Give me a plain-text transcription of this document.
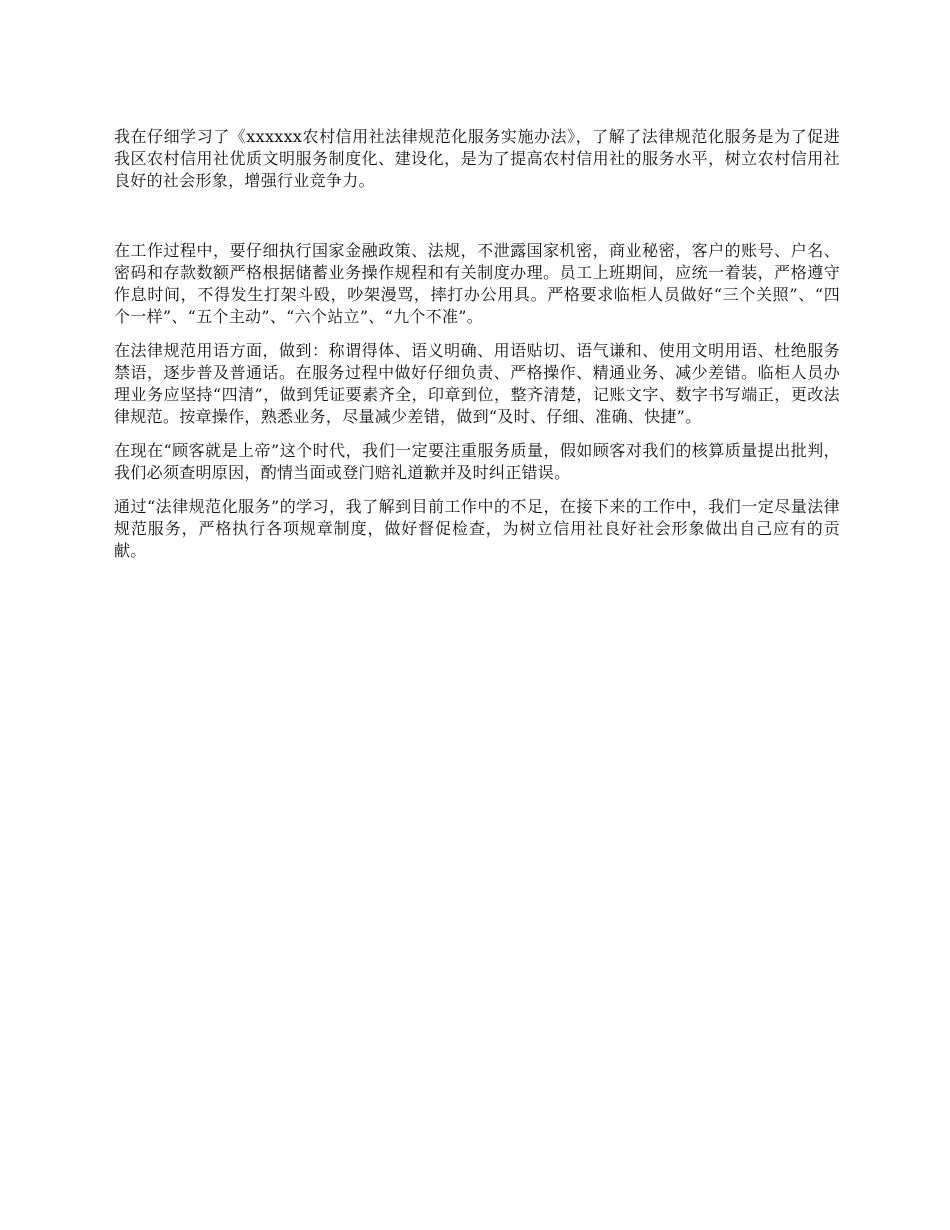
我在仔细学习了《xxxxxx农村信用社法律规范化服务实施办法》，了解了法律规范化服务是为了促进我区农村信用社优质文明服务制度化、建设化，是为了提高农村信用社的服务水平，树立农村信用社良好的社会形象，增强行业竞争力。

在工作过程中，要仔细执行国家金融政策、法规，不泄露国家机密，商业秘密，客户的账号、户名、密码和存款数额严格根据储蓄业务操作规程和有关制度办理。员工上班期间，应统一着装，严格遵守作息时间，不得发生打架斗殴，吵架漫骂，摔打办公用具。严格要求临柜人员做好“三个关照”、“四个一样”、“五个主动”、“六个站立”、“九个不准”。

在法律规范用语方面，做到：称谓得体、语义明确、用语贴切、语气谦和、使用文明用语、杜绝服务禁语，逐步普及普通话。在服务过程中做好仔细负责、严格操作、精通业务、减少差错。临柜人员办理业务应坚持“四清”，做到凭证要素齐全，印章到位，整齐清楚，记账文字、数字书写端正，更改法律规范。按章操作，熟悉业务，尽量减少差错，做到“及时、仔细、准确、快捷”。

在现在“顾客就是上帝”这个时代，我们一定要注重服务质量，假如顾客对我们的核算质量提出批判，我们必须查明原因，酌情当面或登门赔礼道歉并及时纠正错误。

通过“法律规范化服务”的学习，我了解到目前工作中的不足，在接下来的工作中，我们一定尽量法律规范服务，严格执行各项规章制度，做好督促检查，为树立信用社良好社会形象做出自己应有的贡献。
